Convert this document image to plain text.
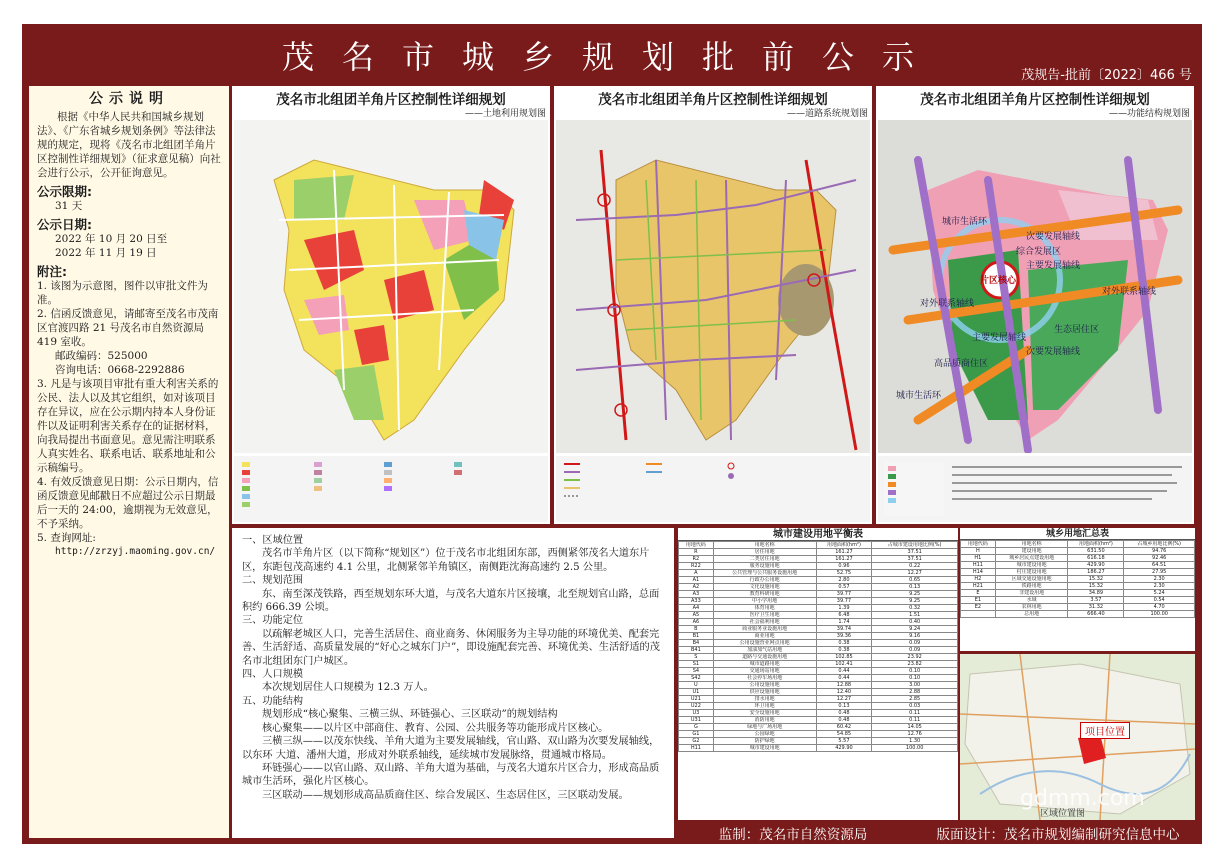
茂名市城乡规划批前公示	茂规告-批前〔2022〕466 号
公示说明

根据《中华人民共和国城乡规划法》、《广东省城乡规划条例》等法律法规的规定，现将《茂名市北组团羊角片区控制性详细规划》（征求意见稿）向社会进行公示，公开征询意见。

公示限期:

31 天

公示日期:

2022 年 10 月 20 日至

2022 年 11 月 19 日

附注:

1. 该图为示意图，图件以审批文件为准。

2. 信函反馈意见，请邮寄至茂名市茂南区官渡四路 21 号茂名市自然资源局 419 室收。

邮政编码：525000

咨询电话：0668-2292886

3. 凡是与该项目审批有重大利害关系的公民、法人以及其它组织，如对该项目存在异议，应在公示期内持本人身份证件以及证明利害关系存在的证据材料，向我局提出书面意见。意见需注明联系人真实姓名、联系电话、联系地址和公示稿编号。

4. 有效反馈意见日期：公示日期内，信函反馈意见邮戳日不应超过公示日期最后一天的 24:00，逾期视为无效意见，不予采纳。

5. 查询网址:

http://zrzyj.maoming.gov.cn/

茂名市北组团羊角片区控制性详细规划
——土地利用规划图
茂名市北组团羊角片区控制性详细规划
——道路系统规划图
茂名市北组团羊角片区控制性详细规划
——功能结构规划图
片区核心
城市生活环
城市生活环
次要发展轴线
主要发展轴线
次要发展轴线
综合发展区
生态居住区
高品质商住区
对外联系轴线
对外联系轴线
主要发展轴线

一、区域位置

茂名市羊角片区（以下简称“规划区”）位于茂名市北组团东部，西侧紧邻茂名大道东片区，东距包茂高速约 4.1 公里，北侧紧邻羊角镇区，南侧距沈海高速约 2.5 公里。

二、规划范围

东、南至深茂铁路，西至规划东环大道，与茂名大道东片区接壤，北至规划官山路，总面积约 666.39 公顷。

三、功能定位

以疏解老城区人口，完善生活居住、商业商务、休闲服务为主导功能的环境优美、配套完善、生活舒适、高质量发展的“好心之城东门户”，即设施配套完善、环境优美、生活舒适的茂名市北组团东门户城区。

四、人口规模

本次规划居住人口规模为 12.3 万人。

五、功能结构

规划形成“核心聚集、三横三纵、环链强心、三区联动”的规划结构

核心聚集——以片区中部商住、教育、公园、公共服务等功能形成片区核心。

三横三纵——以茂东快线、羊角大道为主要发展轴线，官山路、双山路为次要发展轴线，以东环 大道、潘州大道，形成对外联系轴线，延续城市发展脉络，贯通城市格局。

环链强心——以官山路、双山路、羊角大道为基础，与茂名大道东片区合力，形成高品质城市生活环，强化片区核心。

三区联动——规划形成高品质商住区、综合发展区、生态居住区，三区联动发展。

城市建设用地平衡表
用地代码	用地名称	用地面积(hm²)	占城市建设用地比例(%)
R	居住用地	161.27	37.51
R2	二类居住用地	161.27	37.51
R22	服务设施用地	0.96	0.22
A	公共管理与公共服务设施用地	52.75	12.27
A1	行政办公用地	2.80	0.65
A2	文化设施用地	0.57	0.13
A3	教育科研用地	39.77	9.25
A33	中小学用地	39.77	9.25
A4	体育用地	1.39	0.32
A5	医疗卫生用地	6.48	1.51
A6	社会福利用地	1.74	0.40
B	商业服务业设施用地	39.74	9.24
B1	商业用地	39.36	9.16
B4	公用设施营业网点用地	0.38	0.09
B41	加油加气站用地	0.38	0.09
S	道路与交通设施用地	102.85	23.92
S1	城市道路用地	102.41	23.82
S4	交通场站用地	0.44	0.10
S42	社会停车场用地	0.44	0.10
U	公用设施用地	12.88	3.00
U1	供应设施用地	12.40	2.88
U21	排水用地	12.27	2.85
U22	环卫用地	0.13	0.03
U3	安全设施用地	0.48	0.11
U31	消防用地	0.48	0.11
G	绿地与广场用地	60.42	14.05
G1	公园绿地	54.85	12.76
G2	防护绿地	5.57	1.30
H11	城市建设用地	429.90	100.00
城乡用地汇总表
用地代码	用地名称	用地面积(hm²)	占城乡用地比例(%)
H	建设用地	631.50	94.76
H1	城乡居民点建设用地	616.18	92.46
H11	城市建设用地	429.90	64.51
H14	村庄建设用地	186.27	27.95
H2	区域交通设施用地	15.32	2.30
H21	铁路用地	15.32	2.30
E	非建设用地	34.89	5.24
E1	水域	3.57	0.54
E2	农林用地	31.32	4.70
	总用地	666.40	100.00
项目位置
gdmm.com
区域位置图
监制：茂名市自然资源局	版面设计：茂名市规划编制研究信息中心
